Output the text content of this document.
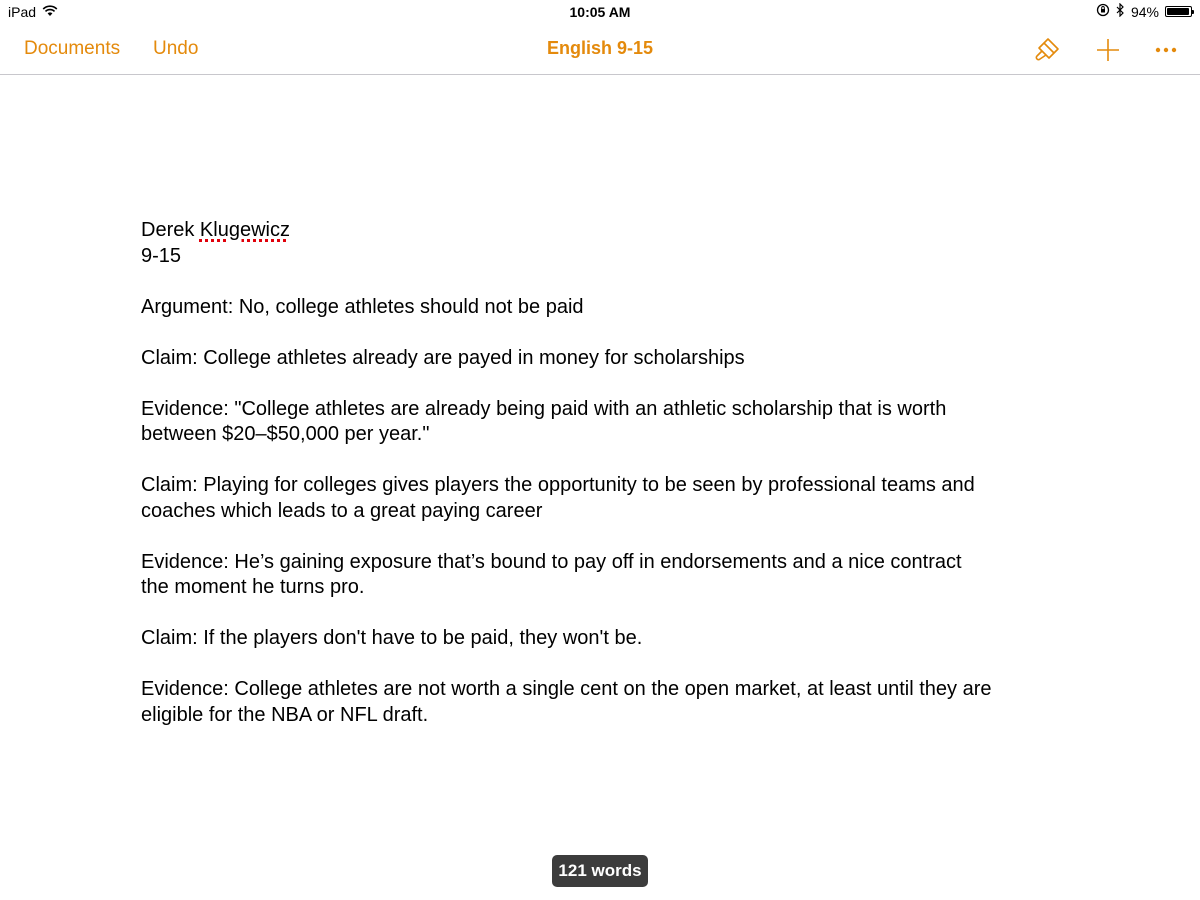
iPad	10:05 AM	94%
Documents Undo	English 9-15

Derek Klugewicz

9-15

Argument: No, college athletes should not be paid

Claim: College athletes already are payed in money for scholarships

Evidence: "College athletes are already being paid with an athletic scholarship that is worth

between $20–$50,000 per year."

Claim: Playing for colleges gives players the opportunity to be seen by professional teams and

coaches which leads to a great paying career

Evidence: He’s gaining exposure that’s bound to pay off in endorsements and a nice contract

the moment he turns pro.

Claim: If the players don't have to be paid, they won't be.

Evidence: College athletes are not worth a single cent on the open market, at least until they are

eligible for the NBA or NFL draft.

121 words
